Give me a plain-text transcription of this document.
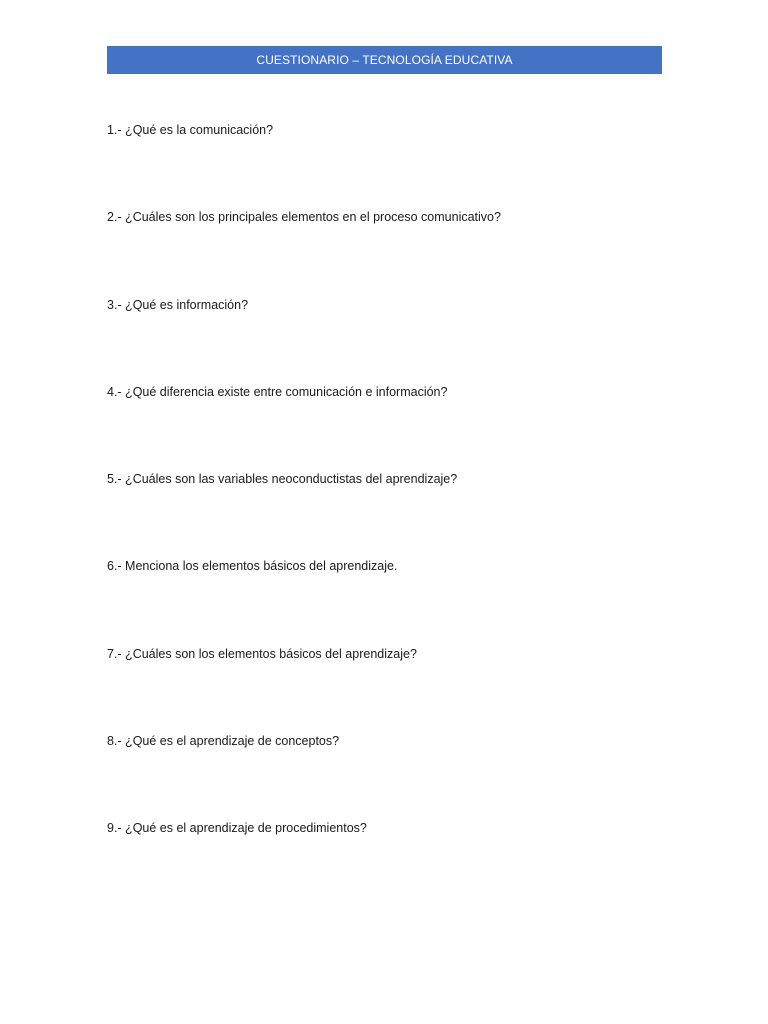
CUESTIONARIO – TECNOLOGÍA EDUCATIVA
1.- ¿Qué es la comunicación?
2.- ¿Cuáles son los principales elementos en el proceso comunicativo?
3.- ¿Qué es información?
4.- ¿Qué diferencia existe entre comunicación e información?
5.- ¿Cuáles son las variables neoconductistas del aprendizaje?
6.- Menciona los elementos básicos del aprendizaje.
7.- ¿Cuáles son los elementos básicos del aprendizaje?
8.- ¿Qué es el aprendizaje de conceptos?
9.- ¿Qué es el aprendizaje de procedimientos?
